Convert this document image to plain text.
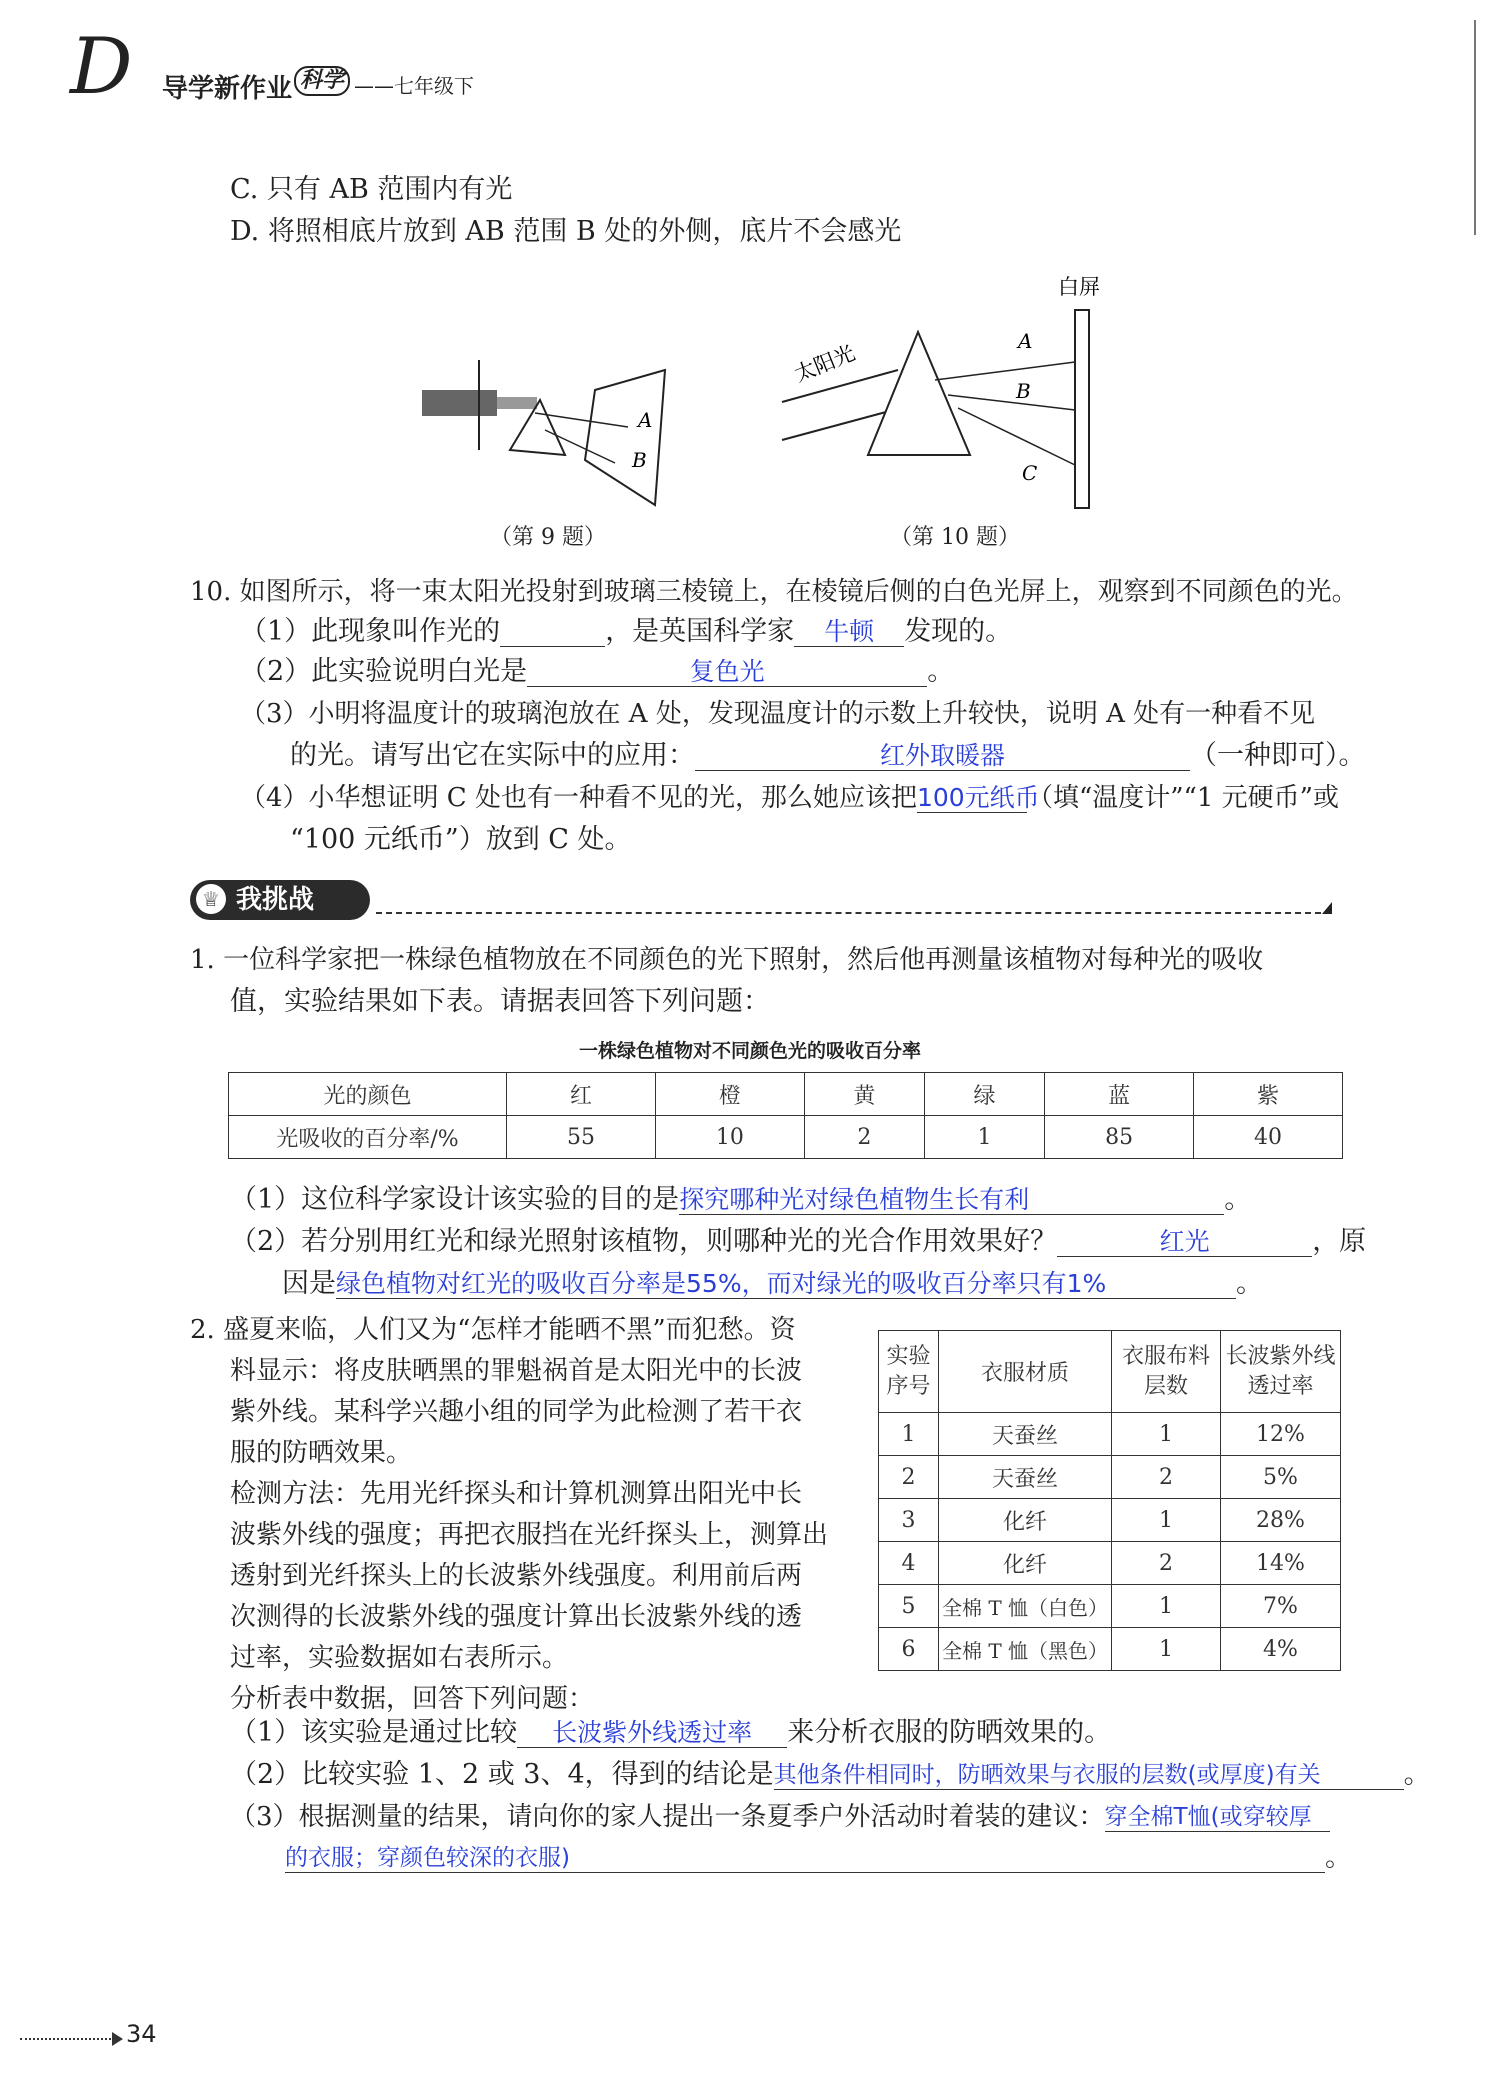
D 导学新作业 科学 ——七年级下
C. 只有 AB 范围内有光
D. 将照相底片放到 AB 范围 B 处的外侧，底片不会感光
A
B
（第 9 题）
白屏
太阳光	A
B
C
（第 10 题）
10. 如图所示，将一束太阳光投射到玻璃三棱镜上，在棱镜后侧的白色光屏上，观察到不同颜色的光。
（1）此现象叫作光的	，是英国科学家 牛顿 发现的。
（2）此实验说明白光是	复色光	。
（3）小明将温度计的玻璃泡放在 A 处，发现温度计的示数上升较快，说明 A 处有一种看不见
的光。请写出它在实际中的应用：	红外取暖器	（一种即可）。
（4）小华想证明 C 处也有一种看不见的光，那么她应该把100元纸币（填“温度计”“1 元硬币”或
“100 元纸币”）放到 C 处。
♕ 我挑战
1. 一位科学家把一株绿色植物放在不同颜色的光下照射，然后他再测量该植物对每种光的吸收
值，实验结果如下表。请据表回答下列问题：
一株绿色植物对不同颜色光的吸收百分率
光的颜色	红	橙	黄	绿	蓝	紫
光吸收的百分率/%	55	10	2	1	85	40
（1）这位科学家设计该实验的目的是探究哪种光对绿色植物生长有利	。
（2）若分别用红光和绿光照射该植物，则哪种光的光合作用效果好？	红光	，原
因是绿色植物对红光的吸收百分率是55%，而对绿光的吸收百分率只有1%	。
2. 盛夏来临，人们又为“怎样才能晒不黑”而犯愁。资
料显示：将皮肤晒黑的罪魁祸首是太阳光中的长波
紫外线。某科学兴趣小组的同学为此检测了若干衣
服的防晒效果。
检测方法：先用光纤探头和计算机测算出阳光中长
波紫外线的强度；再把衣服挡在光纤探头上，测算出
透射到光纤探头上的长波紫外线强度。利用前后两
次测得的长波紫外线的强度计算出长波紫外线的透
过率，实验数据如右表所示。
分析表中数据，回答下列问题：
实验序号	衣服材质	衣服布料层数	长波紫外线透过率
1	天蚕丝	1	12%
2	天蚕丝	2	5%
3	化纤	1	28%
4	化纤	2	14%
5	全棉 T 恤（白色）	1	7%
6	全棉 T 恤（黑色）	1	4%
（1）该实验是通过比较 长波紫外线透过率 来分析衣服的防晒效果的。
（2）比较实验 1、2 或 3、4，得到的结论是其他条件相同时，防晒效果与衣服的层数(或厚度)有关	。
（3）根据测量的结果，请向你的家人提出一条夏季户外活动时着装的建议：穿全棉T恤(或穿较厚
的衣服；穿颜色较深的衣服)	。
34
